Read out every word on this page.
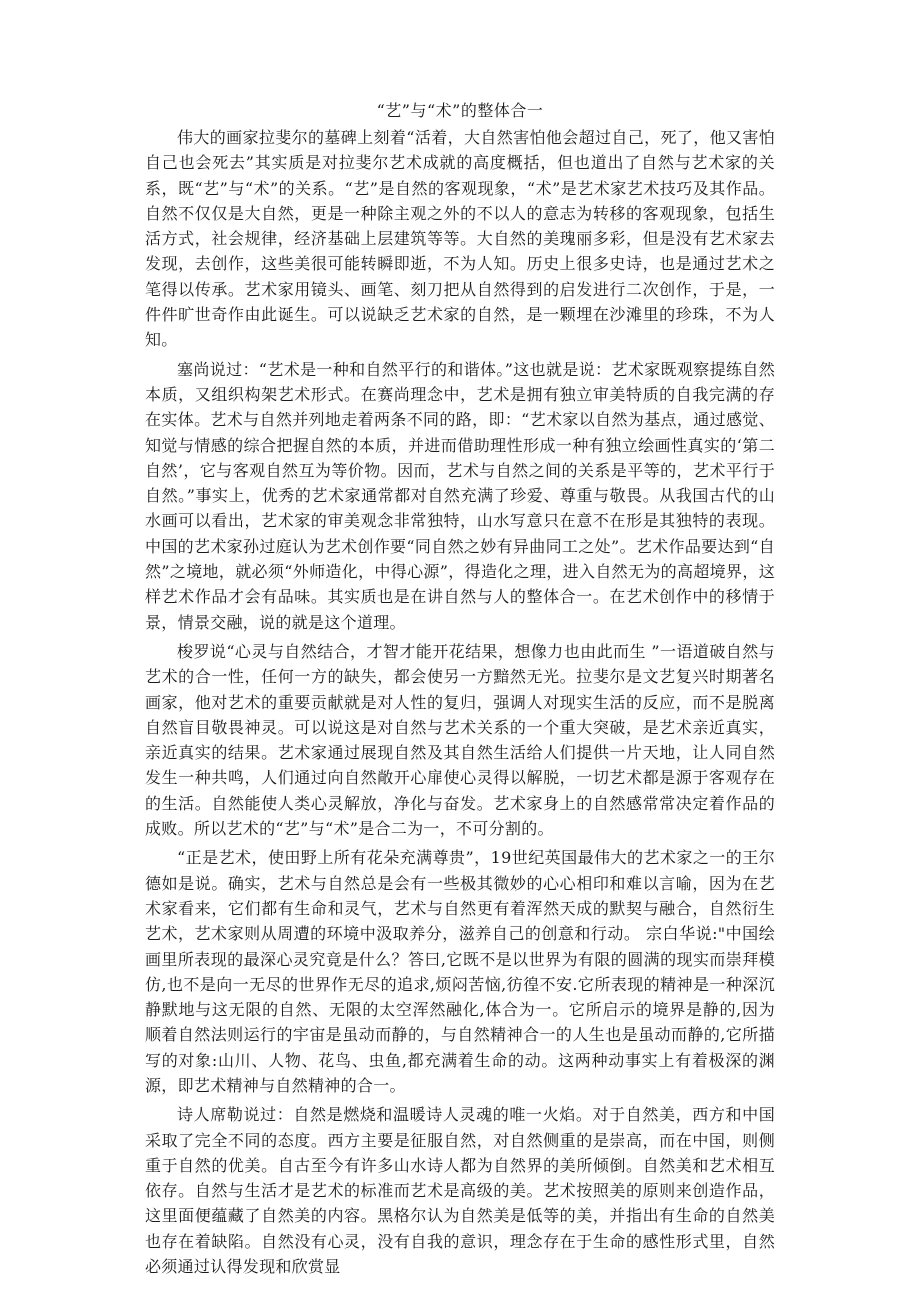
“艺”与“术”的整体合一

伟大的画家拉斐尔的墓碑上刻着“活着，大自然害怕他会超过自己，死了，他又害怕自己也会死去”其实质是对拉斐尔艺术成就的高度概括，但也道出了自然与艺术家的关系，既“艺”与“术”的关系。“艺”是自然的客观现象，“术”是艺术家艺术技巧及其作品。自然不仅仅是大自然，更是一种除主观之外的不以人的意志为转移的客观现象，包括生活方式，社会规律，经济基础上层建筑等等。大自然的美瑰丽多彩，但是没有艺术家去发现，去创作，这些美很可能转瞬即逝，不为人知。历史上很多史诗，也是通过艺术之笔得以传承。艺术家用镜头、画笔、刻刀把从自然得到的启发进行二次创作，于是，一件件旷世奇作由此诞生。可以说缺乏艺术家的自然，是一颗埋在沙滩里的珍珠，不为人知。

塞尚说过：“艺术是一种和自然平行的和谐体。”这也就是说：艺术家既观察提练自然本质，又组织构架艺术形式。在赛尚理念中，艺术是拥有独立审美特质的自我完满的存在实体。艺术与自然并列地走着两条不同的路，即：“艺术家以自然为基点，通过感觉、知觉与情感的综合把握自然的本质，并进而借助理性形成一种有独立绘画性真实的‘第二自然’，它与客观自然互为等价物。因而，艺术与自然之间的关系是平等的，艺术平行于自然。”事实上，优秀的艺术家通常都对自然充满了珍爱、尊重与敬畏。从我国古代的山水画可以看出，艺术家的审美观念非常独特，山水写意只在意不在形是其独特的表现。中国的艺术家孙过庭认为艺术创作要“同自然之妙有异曲同工之处”。艺术作品要达到“自然”之境地，就必须“外师造化，中得心源”，得造化之理，进入自然无为的高超境界，这样艺术作品才会有品味。其实质也是在讲自然与人的整体合一。在艺术创作中的移情于景，情景交融，说的就是这个道理。

梭罗说“心灵与自然结合，才智才能开花结果，想像力也由此而生 ”一语道破自然与艺术的合一性，任何一方的缺失，都会使另一方黯然无光。拉斐尔是文艺复兴时期著名画家，他对艺术的重要贡献就是对人性的复归，强调人对现实生活的反应，而不是脱离自然盲目敬畏神灵。可以说这是对自然与艺术关系的一个重大突破，是艺术亲近真实，亲近真实的结果。艺术家通过展现自然及其自然生活给人们提供一片天地，让人同自然发生一种共鸣，人们通过向自然敞开心扉使心灵得以解脱，一切艺术都是源于客观存在的生活。自然能使人类心灵解放，净化与奋发。艺术家身上的自然感常常决定着作品的成败。所以艺术的“艺”与“术”是合二为一，不可分割的。

“正是艺术，使田野上所有花朵充满尊贵”，19世纪英国最伟大的艺术家之一的王尔德如是说。确实，艺术与自然总是会有一些极其微妙的心心相印和难以言喻，因为在艺术家看来，它们都有生命和灵气，艺术与自然更有着浑然天成的默契与融合，自然衍生艺术，艺术家则从周遭的环境中汲取养分，滋养自己的创意和行动。 宗白华说:"中国绘画里所表现的最深心灵究竟是什么？答曰,它既不是以世界为有限的圆满的现实而崇拜模仿,也不是向一无尽的世界作无尽的追求,烦闷苦恼,彷徨不安.它所表现的精神是一种深沉静默地与这无限的自然、无限的太空浑然融化,体合为一。它所启示的境界是静的,因为顺着自然法则运行的宇宙是虽动而静的，与自然精神合一的人生也是虽动而静的,它所描写的对象:山川、人物、花鸟、虫鱼,都充满着生命的动。这两种动事实上有着极深的渊源，即艺术精神与自然精神的合一。

诗人席勒说过：自然是燃烧和温暖诗人灵魂的唯一火焰。对于自然美，西方和中国采取了完全不同的态度。西方主要是征服自然，对自然侧重的是崇高，而在中国，则侧重于自然的优美。自古至今有许多山水诗人都为自然界的美所倾倒。自然美和艺术相互依存。自然与生活才是艺术的标准而艺术是高级的美。艺术按照美的原则来创造作品，这里面便蕴藏了自然美的内容。黑格尔认为自然美是低等的美，并指出有生命的自然美也存在着缺陷。自然没有心灵，没有自我的意识，理念存在于生命的感性形式里，自然必须通过认得发现和欣赏显
